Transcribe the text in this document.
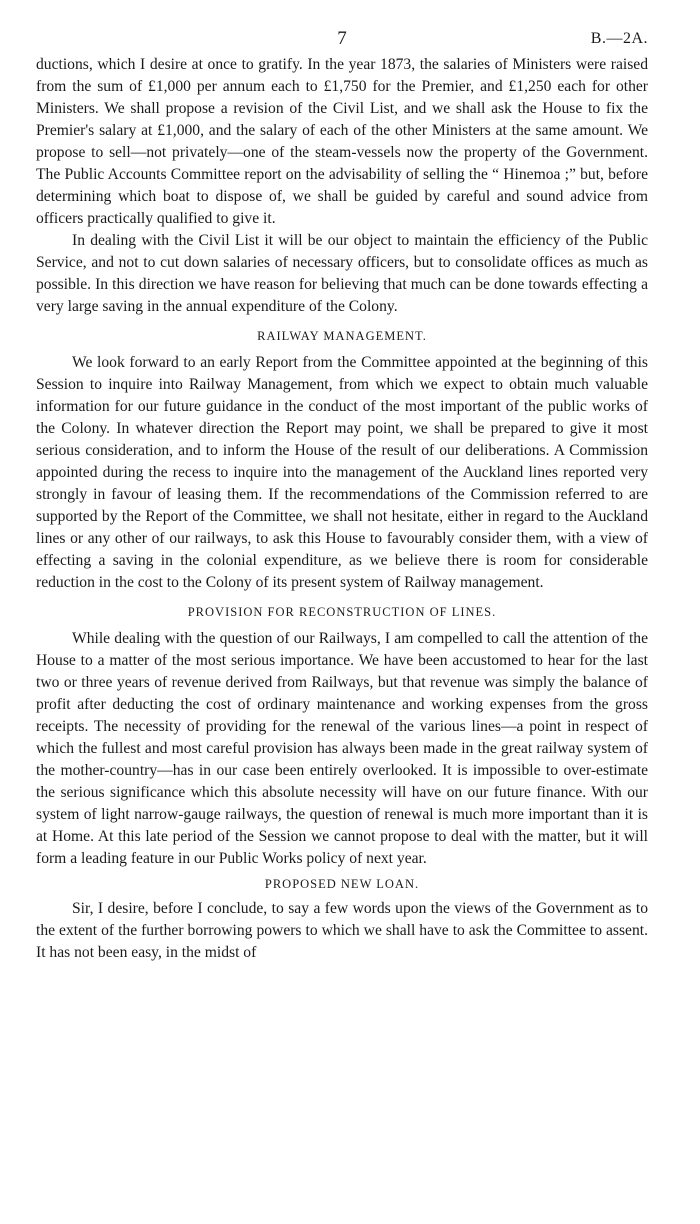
7	B.—2A.

ductions, which I desire at once to gratify. In the year 1873, the salaries of Ministers were raised from the sum of £1,000 per annum each to £1,750 for the Premier, and £1,250 each for other Ministers. We shall propose a revision of the Civil List, and we shall ask the House to fix the Premier's salary at £1,000, and the salary of each of the other Ministers at the same amount. We propose to sell—not privately—one of the steam-vessels now the property of the Government. The Public Accounts Committee report on the advisability of selling the “ Hinemoa ;” but, before determining which boat to dispose of, we shall be guided by careful and sound advice from officers practically qualified to give it.

In dealing with the Civil List it will be our object to maintain the efficiency of the Public Service, and not to cut down salaries of necessary officers, but to consolidate offices as much as possible. In this direction we have reason for believing that much can be done towards effecting a very large saving in the annual expenditure of the Colony.

RAILWAY MANAGEMENT.

We look forward to an early Report from the Committee appointed at the beginning of this Session to inquire into Railway Management, from which we expect to obtain much valuable information for our future guidance in the conduct of the most important of the public works of the Colony. In whatever direction the Report may point, we shall be prepared to give it most serious consideration, and to inform the House of the result of our deliberations. A Commission appointed during the recess to inquire into the management of the Auckland lines reported very strongly in favour of leasing them. If the recommendations of the Commission referred to are supported by the Report of the Committee, we shall not hesitate, either in regard to the Auckland lines or any other of our railways, to ask this House to favourably consider them, with a view of effecting a saving in the colonial expenditure, as we believe there is room for considerable reduction in the cost to the Colony of its present system of Railway management.

PROVISION FOR RECONSTRUCTION OF LINES.

While dealing with the question of our Railways, I am compelled to call the attention of the House to a matter of the most serious importance. We have been accustomed to hear for the last two or three years of revenue derived from Railways, but that revenue was simply the balance of profit after deducting the cost of ordinary maintenance and working expenses from the gross receipts. The necessity of providing for the renewal of the various lines—a point in respect of which the fullest and most careful provision has always been made in the great railway system of the mother-country—has in our case been entirely overlooked. It is impossible to over-estimate the serious significance which this absolute necessity will have on our future finance. With our system of light narrow-gauge railways, the question of renewal is much more important than it is at Home. At this late period of the Session we cannot propose to deal with the matter, but it will form a leading feature in our Public Works policy of next year.

PROPOSED NEW LOAN.

Sir, I desire, before I conclude, to say a few words upon the views of the Government as to the extent of the further borrowing powers to which we shall have to ask the Committee to assent. It has not been easy, in the midst of
